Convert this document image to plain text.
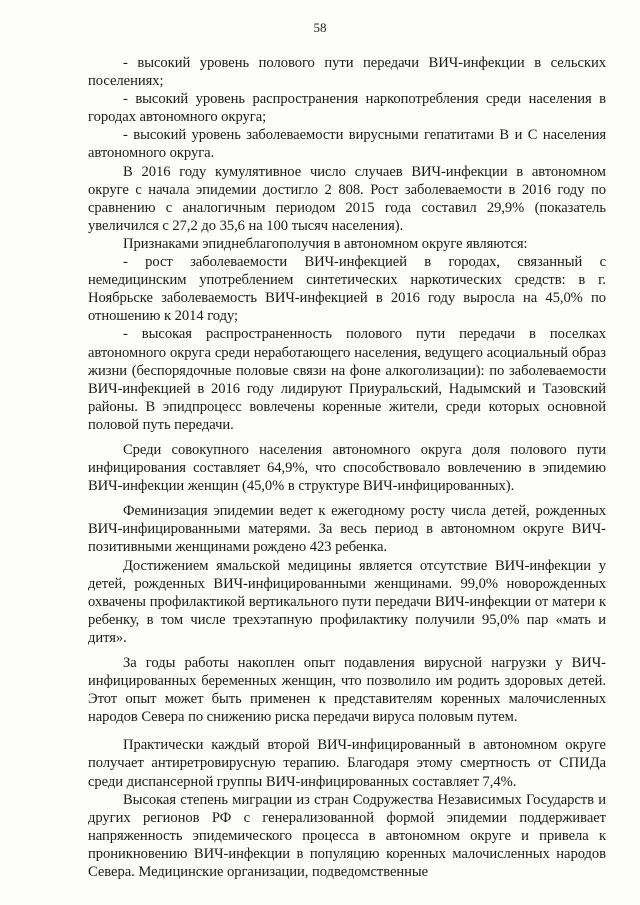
58

- высокий уровень полового пути передачи ВИЧ-инфекции в сельских поселениях;

- высокий уровень распространения наркопотребления среди населения в городах автономного округа;

- высокий уровень заболеваемости вирусными гепатитами В и С населения автономного округа.

В 2016 году кумулятивное число случаев ВИЧ-инфекции в автономном округе с начала эпидемии достигло 2 808. Рост заболеваемости в 2016 году по сравнению с аналогичным периодом 2015 года составил 29,9% (показатель увеличился с 27,2 до 35,6 на 100 тысяч населения).

Признаками эпиднеблагополучия в автономном округе являются:

- рост заболеваемости ВИЧ-инфекцией в городах, связанный с немедицинским употреблением синтетических наркотических средств: в г. Ноябрьске заболеваемость ВИЧ-инфекцией в 2016 году выросла на 45,0% по отношению к 2014 году;

- высокая распространенность полового пути передачи в поселках автономного округа среди неработающего населения, ведущего асоциальный образ жизни (беспорядочные половые связи на фоне алкоголизации): по заболеваемости ВИЧ-инфекцией в 2016 году лидируют Приуральский, Надымский и Тазовский районы. В эпидпроцесс вовлечены коренные жители, среди которых основной половой путь передачи.

Среди совокупного населения автономного округа доля полового пути инфицирования составляет 64,9%, что способствовало вовлечению в эпидемию ВИЧ-инфекции женщин (45,0% в структуре ВИЧ-инфицированных).

Феминизация эпидемии ведет к ежегодному росту числа детей, рожденных ВИЧ-инфицированными матерями. За весь период в автономном округе ВИЧ-позитивными женщинами рождено 423 ребенка.

Достижением ямальской медицины является отсутствие ВИЧ-инфекции у детей, рожденных ВИЧ-инфицированными женщинами. 99,0% новорожденных охвачены профилактикой вертикального пути передачи ВИЧ-инфекции от матери к ребенку, в том числе трехэтапную профилактику получили 95,0% пар «мать и дитя».

За годы работы накоплен опыт подавления вирусной нагрузки у ВИЧ-инфицированных беременных женщин, что позволило им родить здоровых детей. Этот опыт может быть применен к представителям коренных малочисленных народов Севера по снижению риска передачи вируса половым путем.

Практически каждый второй ВИЧ-инфицированный в автономном округе получает антиретровирусную терапию. Благодаря этому смертность от СПИДа среди диспансерной группы ВИЧ-инфицированных составляет 7,4%.

Высокая степень миграции из стран Содружества Независимых Государств и других регионов РФ с генерализованной формой эпидемии поддерживает напряженность эпидемического процесса в автономном округе и привела к проникновению ВИЧ-инфекции в популяцию коренных малочисленных народов Севера. Медицинские организации, подведомственные
